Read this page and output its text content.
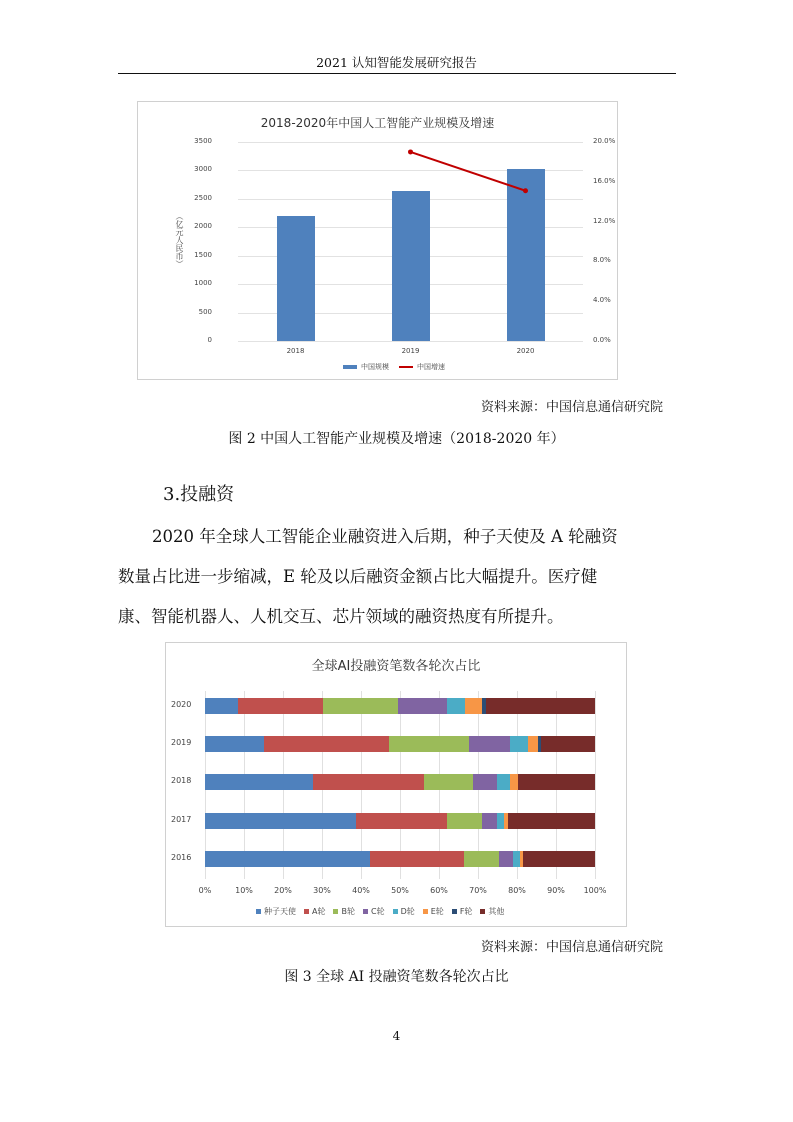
2021 认知智能发展研究报告
2018-2020年中国人工智能产业规模及增速
0
500
1000
1500
2000
2500
3000
3500
0.0%
4.0%
8.0%
12.0%
16.0%
20.0%
（亿元人民币）
2018	2019	2020
中国规模	中国增速
资料来源：中国信息通信研究院
图 2 中国人工智能产业规模及增速（2018-2020 年）
3.投融资
2020 年全球人工智能企业融资进入后期，种子天使及 A 轮融资
数量占比进一步缩减，E 轮及以后融资金额占比大幅提升。医疗健
康、智能机器人、人机交互、芯片领域的融资热度有所提升。
全球AI投融资笔数各轮次占比
0%	10%	20%	30%	40%	50%	60%	70%	80%	90%	100%
2020
2019
2018
2017
2016
种子天使 A轮 B轮 C轮 D轮 E轮 F轮 其他
资料来源：中国信息通信研究院
图 3 全球 AI 投融资笔数各轮次占比
4
